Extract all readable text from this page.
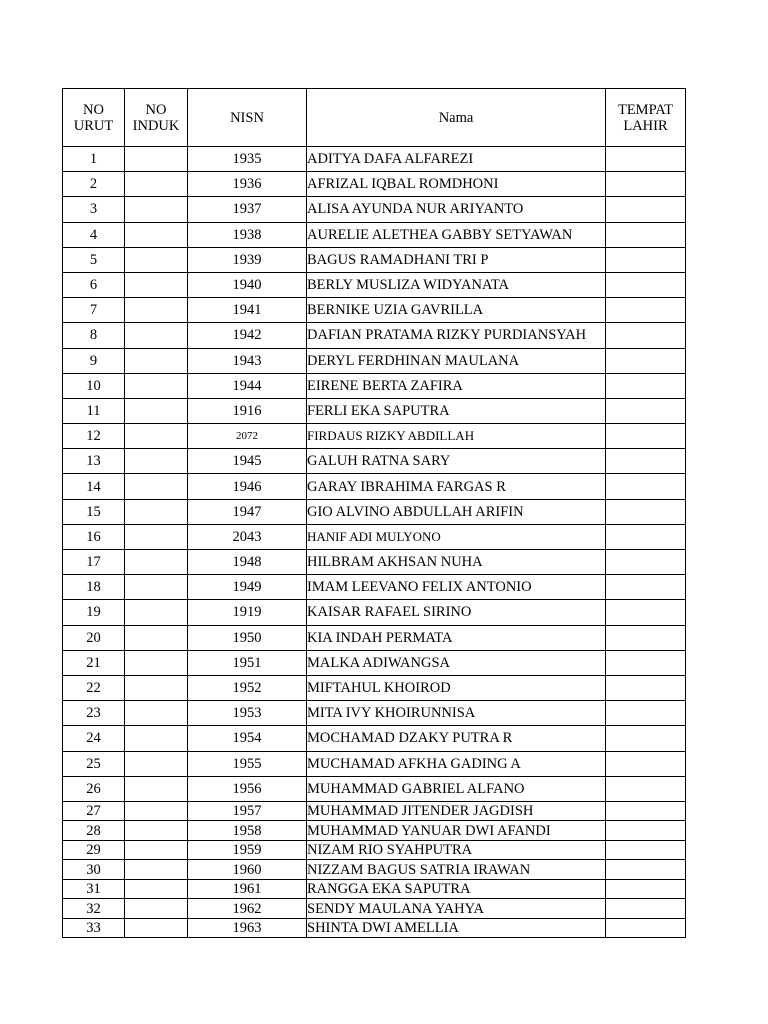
NO URUT	NO INDUK	NISN	Nama	TEMPAT LAHIR
1		1935	ADITYA DAFA ALFAREZI	
2		1936	AFRIZAL IQBAL ROMDHONI	
3		1937	ALISA AYUNDA NUR ARIYANTO	
4		1938	AURELIE ALETHEA GABBY SETYAWAN	
5		1939	BAGUS RAMADHANI TRI P	
6		1940	BERLY MUSLIZA WIDYANATA	
7		1941	BERNIKE UZIA GAVRILLA	
8		1942	DAFIAN PRATAMA RIZKY PURDIANSYAH	
9		1943	DERYL FERDHINAN MAULANA	
10		1944	EIRENE BERTA ZAFIRA	
11		1916	FERLI EKA SAPUTRA	
12		2072	FIRDAUS RIZKY ABDILLAH	
13		1945	GALUH RATNA SARY	
14		1946	GARAY IBRAHIMA FARGAS R	
15		1947	GIO ALVINO ABDULLAH ARIFIN	
16		2043	HANIF ADI MULYONO	
17		1948	HILBRAM AKHSAN NUHA	
18		1949	IMAM LEEVANO FELIX ANTONIO	
19		1919	KAISAR RAFAEL SIRINO	
20		1950	KIA INDAH PERMATA	
21		1951	MALKA ADIWANGSA	
22		1952	MIFTAHUL KHOIROD	
23		1953	MITA IVY KHOIRUNNISA	
24		1954	MOCHAMAD DZAKY PUTRA R	
25		1955	MUCHAMAD AFKHA GADING A	
26		1956	MUHAMMAD GABRIEL ALFANO	
27		1957	MUHAMMAD JITENDER JAGDISH	
28		1958	MUHAMMAD YANUAR DWI AFANDI	
29		1959	NIZAM RIO SYAHPUTRA	
30		1960	NIZZAM BAGUS SATRIA IRAWAN	
31		1961	RANGGA EKA SAPUTRA	
32		1962	SENDY MAULANA YAHYA	
33		1963	SHINTA DWI AMELLIA	
